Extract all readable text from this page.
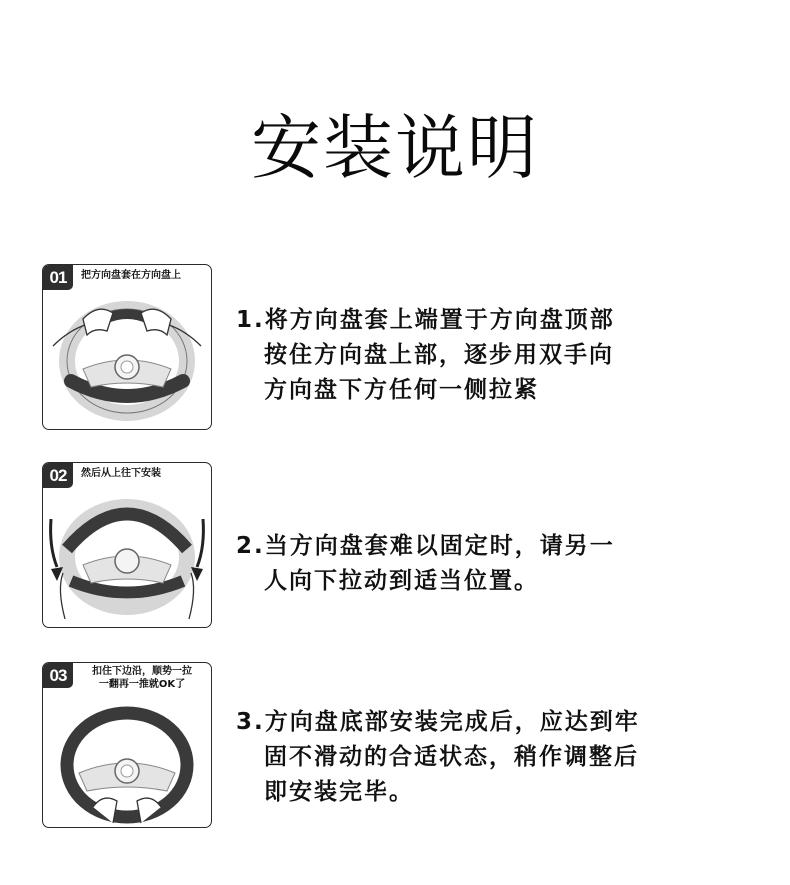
安装说明
01	把方向盘套在方向盘上
1.将方向盘套上端置于方向盘顶部
按住方向盘上部，逐步用双手向
方向盘下方任何一侧拉紧
02	然后从上往下安装
2.当方向盘套难以固定时，请另一
人向下拉动到适当位置。
03	扣住下边沿，顺势一拉
一翻再一推就OK了
3.方向盘底部安装完成后，应达到牢
固不滑动的合适状态，稍作调整后
即安装完毕。
